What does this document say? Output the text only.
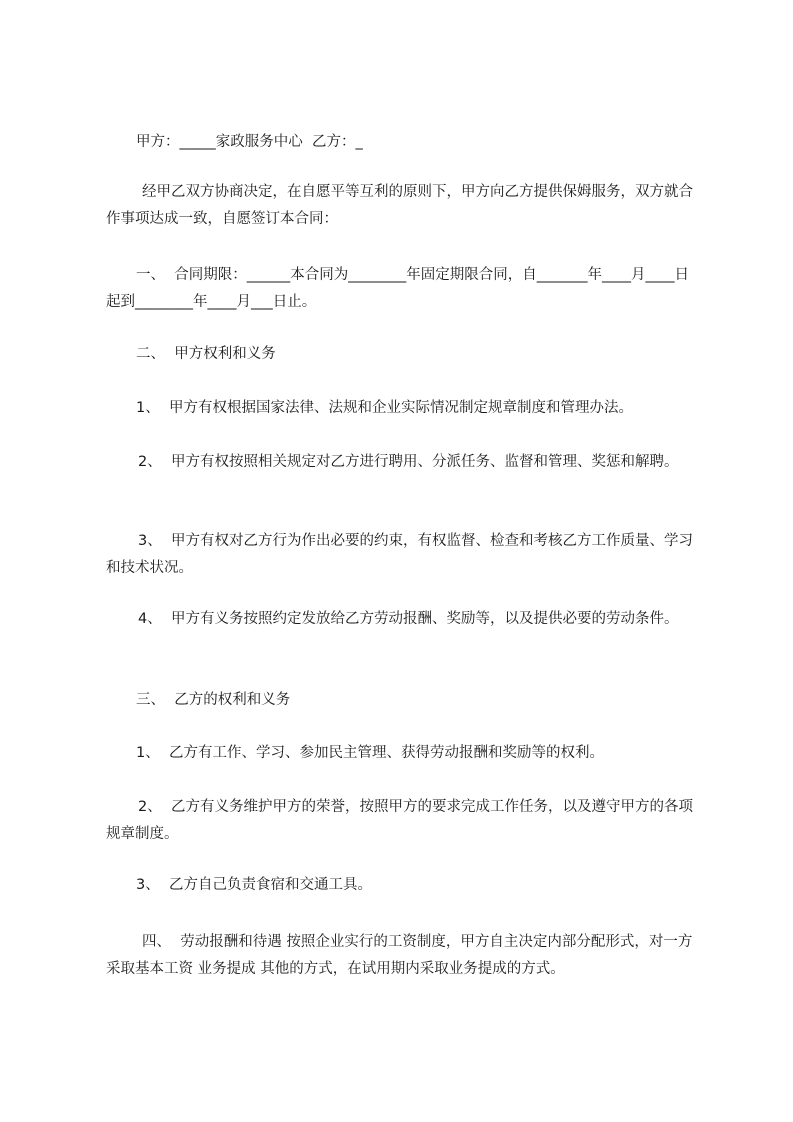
甲方：_____家政服务中心  乙方：_

经甲乙双方协商决定，在自愿平等互利的原则下，甲方向乙方提供保姆服务，双方就合作事项达成一致，自愿签订本合同：

一、  合同期限：______本合同为________年固定期限合同，自_______年____月____日起到________年____月___日止。

二、  甲方权利和义务

1、  甲方有权根据国家法律、法规和企业实际情况制定规章制度和管理办法。

2、  甲方有权按照相关规定对乙方进行聘用、分派任务、监督和管理、奖惩和解聘。

3、  甲方有权对乙方行为作出必要的约束，有权监督、检查和考核乙方工作质量、学习和技术状况。

4、  甲方有义务按照约定发放给乙方劳动报酬、奖励等，以及提供必要的劳动条件。

三、  乙方的权利和义务

1、  乙方有工作、学习、参加民主管理、获得劳动报酬和奖励等的权利。

2、  乙方有义务维护甲方的荣誉，按照甲方的要求完成工作任务，以及遵守甲方的各项规章制度。

3、  乙方自己负责食宿和交通工具。

四、  劳动报酬和待遇 按照企业实行的工资制度，甲方自主决定内部分配形式，对一方采取基本工资 业务提成 其他的方式，在试用期内采取业务提成的方式。
